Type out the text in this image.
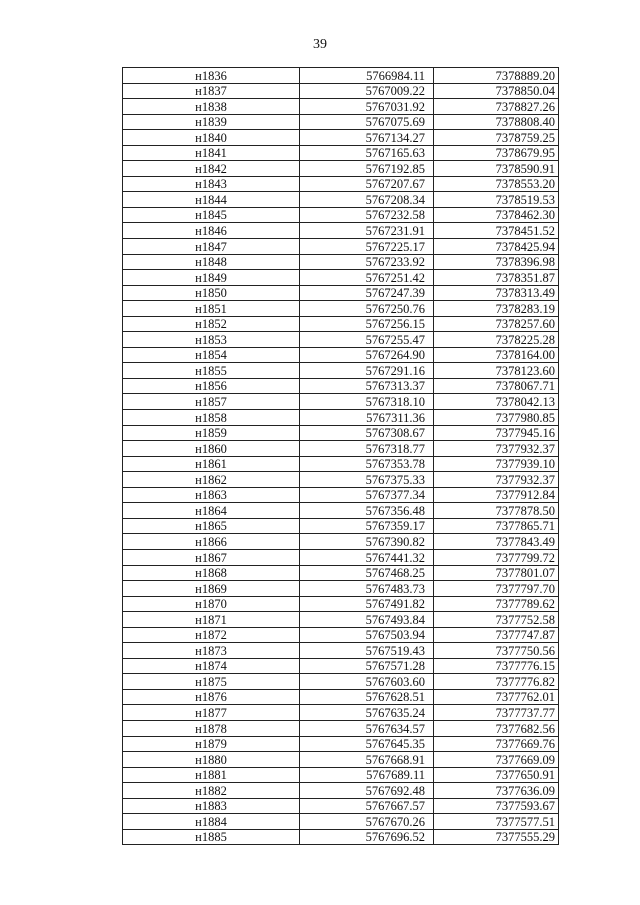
39
н1836	5766984.11	7378889.20
н1837	5767009.22	7378850.04
н1838	5767031.92	7378827.26
н1839	5767075.69	7378808.40
н1840	5767134.27	7378759.25
н1841	5767165.63	7378679.95
н1842	5767192.85	7378590.91
н1843	5767207.67	7378553.20
н1844	5767208.34	7378519.53
н1845	5767232.58	7378462.30
н1846	5767231.91	7378451.52
н1847	5767225.17	7378425.94
н1848	5767233.92	7378396.98
н1849	5767251.42	7378351.87
н1850	5767247.39	7378313.49
н1851	5767250.76	7378283.19
н1852	5767256.15	7378257.60
н1853	5767255.47	7378225.28
н1854	5767264.90	7378164.00
н1855	5767291.16	7378123.60
н1856	5767313.37	7378067.71
н1857	5767318.10	7378042.13
н1858	5767311.36	7377980.85
н1859	5767308.67	7377945.16
н1860	5767318.77	7377932.37
н1861	5767353.78	7377939.10
н1862	5767375.33	7377932.37
н1863	5767377.34	7377912.84
н1864	5767356.48	7377878.50
н1865	5767359.17	7377865.71
н1866	5767390.82	7377843.49
н1867	5767441.32	7377799.72
н1868	5767468.25	7377801.07
н1869	5767483.73	7377797.70
н1870	5767491.82	7377789.62
н1871	5767493.84	7377752.58
н1872	5767503.94	7377747.87
н1873	5767519.43	7377750.56
н1874	5767571.28	7377776.15
н1875	5767603.60	7377776.82
н1876	5767628.51	7377762.01
н1877	5767635.24	7377737.77
н1878	5767634.57	7377682.56
н1879	5767645.35	7377669.76
н1880	5767668.91	7377669.09
н1881	5767689.11	7377650.91
н1882	5767692.48	7377636.09
н1883	5767667.57	7377593.67
н1884	5767670.26	7377577.51
н1885	5767696.52	7377555.29
